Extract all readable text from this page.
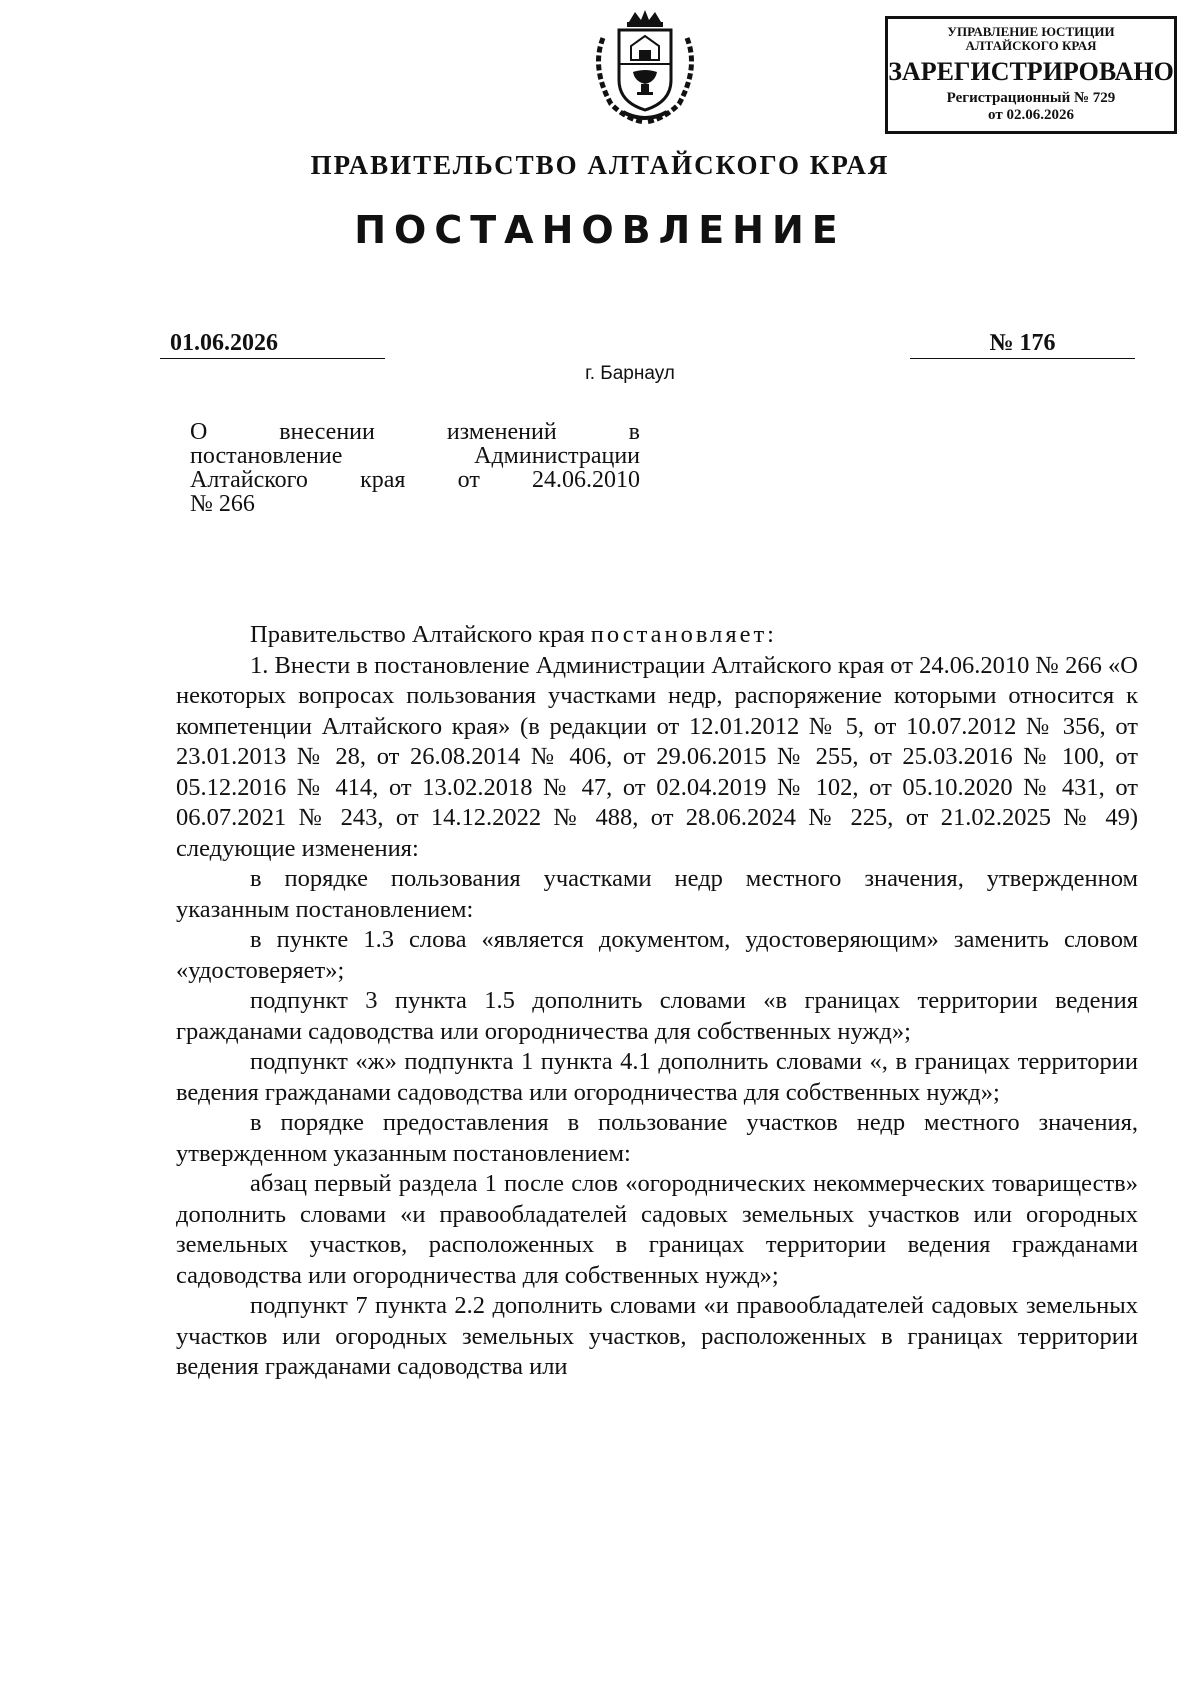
УПРАВЛЕНИЕ ЮСТИЦИИ
АЛТАЙСКОГО КРАЯ
ЗАРЕГИСТРИРОВАНО
Регистрационный № 729
от 02.06.2026
ПРАВИТЕЛЬСТВО АЛТАЙСКОГО КРАЯ
ПОСТАНОВЛЕНИЕ
01.06.2026	№ 176
г. Барнаул
О внесении изменений в
постановление Администрации
Алтайского края от 24.06.2010
№ 266

Правительство Алтайского края постановляет:

1. Внести в постановление Администрации Алтайского края от 24.06.2010 № 266 «О некоторых вопросах пользования участками недр, распоряжение которыми относится к компетенции Алтайского края» (в редакции от 12.01.2012 № 5, от 10.07.2012 № 356, от 23.01.2013 № 28, от 26.08.2014 № 406, от 29.06.2015 № 255, от 25.03.2016 № 100, от 05.12.2016 № 414, от 13.02.2018 № 47, от 02.04.2019 № 102, от 05.10.2020 № 431, от 06.07.2021 № 243, от 14.12.2022 № 488, от 28.06.2024 № 225, от 21.02.2025 № 49) следующие изменения:

в порядке пользования участками недр местного значения, утвержденном указанным постановлением:

в пункте 1.3 слова «является документом, удостоверяющим» заменить словом «удостоверяет»;

подпункт 3 пункта 1.5 дополнить словами «в границах территории ведения гражданами садоводства или огородничества для собственных нужд»;

подпункт «ж» подпункта 1 пункта 4.1 дополнить словами «, в границах территории ведения гражданами садоводства или огородничества для собственных нужд»;

в порядке предоставления в пользование участков недр местного значения, утвержденном указанным постановлением:

абзац первый раздела 1 после слов «огороднических некоммерческих товариществ» дополнить словами «и правообладателей садовых земельных участков или огородных земельных участков, расположенных в границах территории ведения гражданами садоводства или огородничества для собственных нужд»;

подпункт 7 пункта 2.2 дополнить словами «и правообладателей садовых земельных участков или огородных земельных участков, расположенных в границах территории ведения гражданами садоводства или
